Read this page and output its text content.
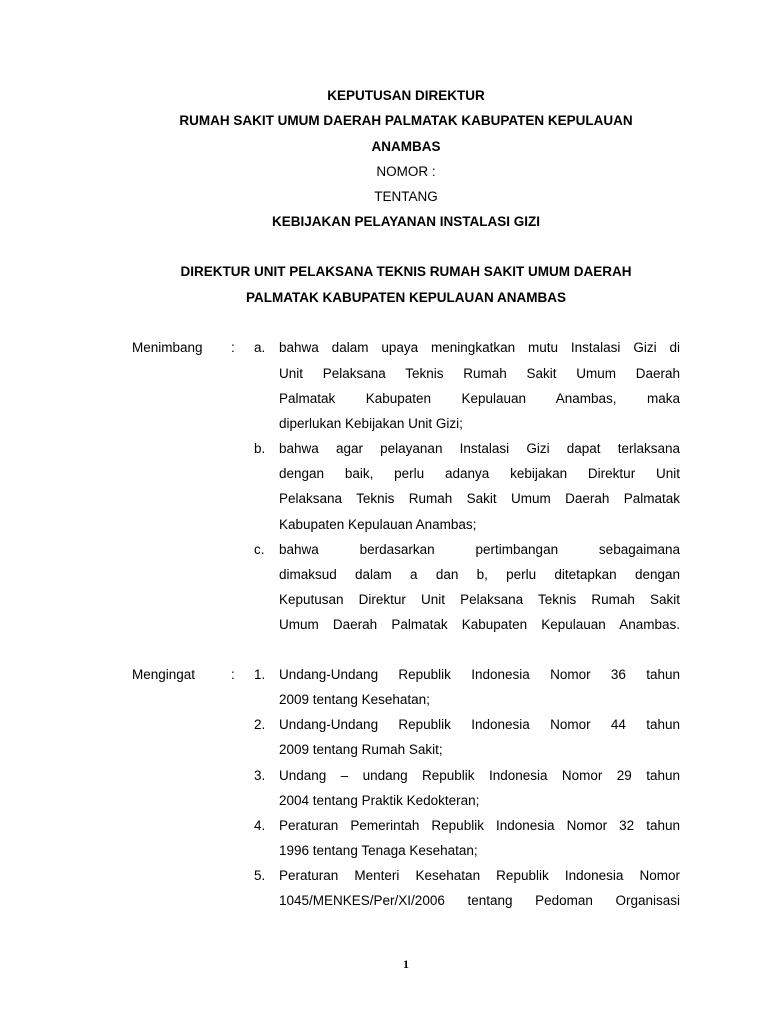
KEPUTUSAN DIREKTUR
RUMAH SAKIT UMUM DAERAH PALMATAK KABUPATEN KEPULAUAN
ANAMBAS
NOMOR :
TENTANG
KEBIJAKAN PELAYANAN INSTALASI GIZI
DIREKTUR UNIT PELAKSANA TEKNIS RUMAH SAKIT UMUM DAERAH
PALMATAK KABUPATEN KEPULAUAN ANAMBAS
Menimbang : a. bahwa dalam upaya meningkatkan mutu Instalasi Gizi di
Unit Pelaksana Teknis Rumah Sakit Umum Daerah
Palmatak Kabupaten Kepulauan Anambas, maka
diperlukan Kebijakan Unit Gizi;
b. bahwa agar pelayanan Instalasi Gizi dapat terlaksana
dengan baik, perlu adanya kebijakan Direktur Unit
Pelaksana Teknis Rumah Sakit Umum Daerah Palmatak
Kabupaten Kepulauan Anambas;
c. bahwa berdasarkan pertimbangan sebagaimana
dimaksud dalam a dan b, perlu ditetapkan dengan
Keputusan Direktur Unit Pelaksana Teknis Rumah Sakit
Umum Daerah Palmatak Kabupaten Kepulauan Anambas.
Mengingat	: 1. Undang-Undang Republik Indonesia Nomor 36 tahun
2009 tentang Kesehatan;
2. Undang-Undang Republik Indonesia Nomor 44 tahun
2009 tentang Rumah Sakit;
3. Undang – undang Republik Indonesia Nomor 29 tahun
2004 tentang Praktik Kedokteran;
4. Peraturan Pemerintah Republik Indonesia Nomor 32 tahun
1996 tentang Tenaga Kesehatan;
5. Peraturan Menteri Kesehatan Republik Indonesia Nomor
1045/MENKES/Per/XI/2006 tentang Pedoman Organisasi
1
